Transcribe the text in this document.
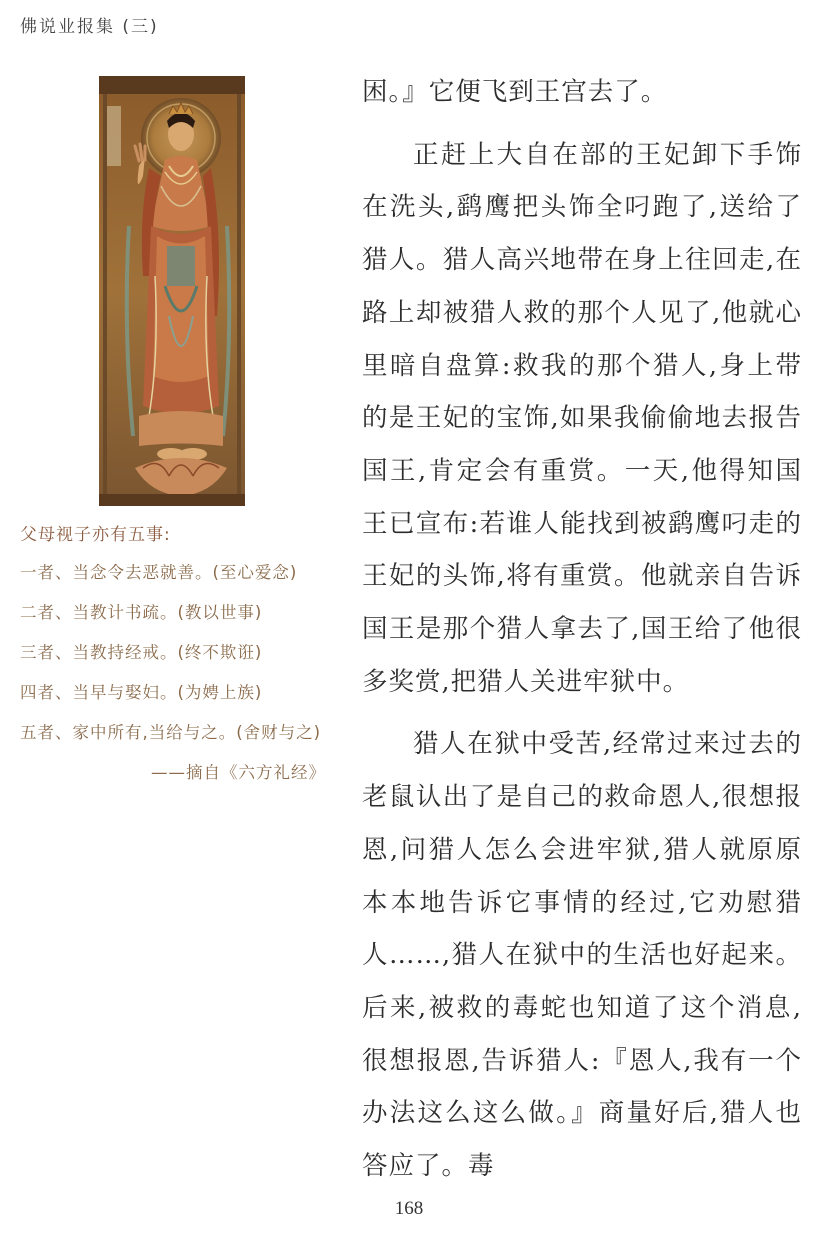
佛说业报集 (三)
父母视子亦有五事:
一者、当念令去恶就善。(至心爱念)
二者、当教计书疏。(教以世事)
三者、当教持经戒。(终不欺诳)
四者、当早与娶妇。(为娉上族)
五者、家中所有,当给与之。(舍财与之)
——摘自《六方礼经》

困。』它便飞到王宫去了。

正赶上大自在部的王妃卸下手饰在洗头,鹞鹰把头饰全叼跑了,送给了猎人。猎人高兴地带在身上往回走,在路上却被猎人救的那个人见了,他就心里暗自盘算:救我的那个猎人,身上带的是王妃的宝饰,如果我偷偷地去报告国王,肯定会有重赏。一天,他得知国王已宣布:若谁人能找到被鹞鹰叼走的王妃的头饰,将有重赏。他就亲自告诉国王是那个猎人拿去了,国王给了他很多奖赏,把猎人关进牢狱中。

猎人在狱中受苦,经常过来过去的老鼠认出了是自己的救命恩人,很想报恩,问猎人怎么会进牢狱,猎人就原原本本地告诉它事情的经过,它劝慰猎人……,猎人在狱中的生活也好起来。后来,被救的毒蛇也知道了这个消息,很想报恩,告诉猎人:『恩人,我有一个办法这么这么做。』商量好后,猎人也答应了。毒

168
